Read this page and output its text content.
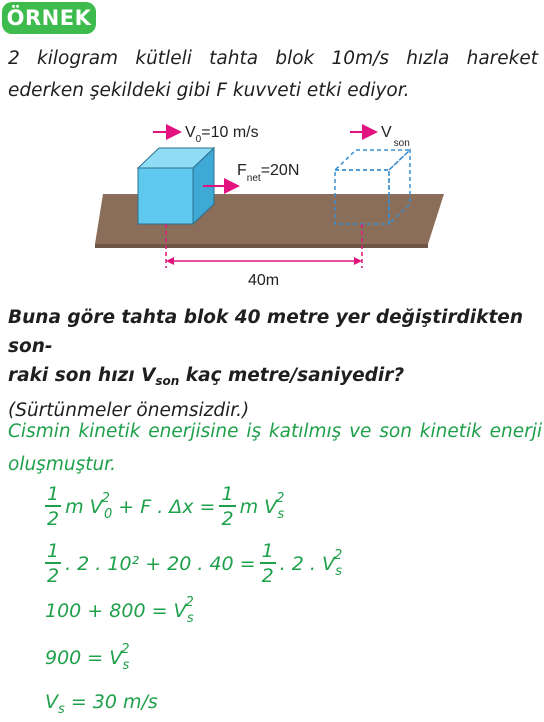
ÖRNEK
2 kilogram kütleli tahta blok 10m/s hızla hareket ederken şekildeki gibi F kuvveti etki ediyor.
$V_0=10$ m/s	$V_{son}$
$F_{net}=20N$
40m
Buna göre tahta blok 40 metre yer değiştirdikten son-
raki son hızı $V_{son}$ kaç metre/saniyedir?
(Sürtünmeler önemsizdir.)
Cismin kinetik enerjisine iş katılmış ve son kinetik enerji oluşmuştur.
$\frac{1}{2}$ m
V 2
0
+ F . $\Delta x = \frac{1}{2}$ m
V 2
s
$\frac{1}{2}$ . 2 . 10² + 20 . $40 = \frac{1}{2}$ . 2 . V 2
s
100 + 800 = V 2
s
900 = V 2
s
V s = 30 m/s
